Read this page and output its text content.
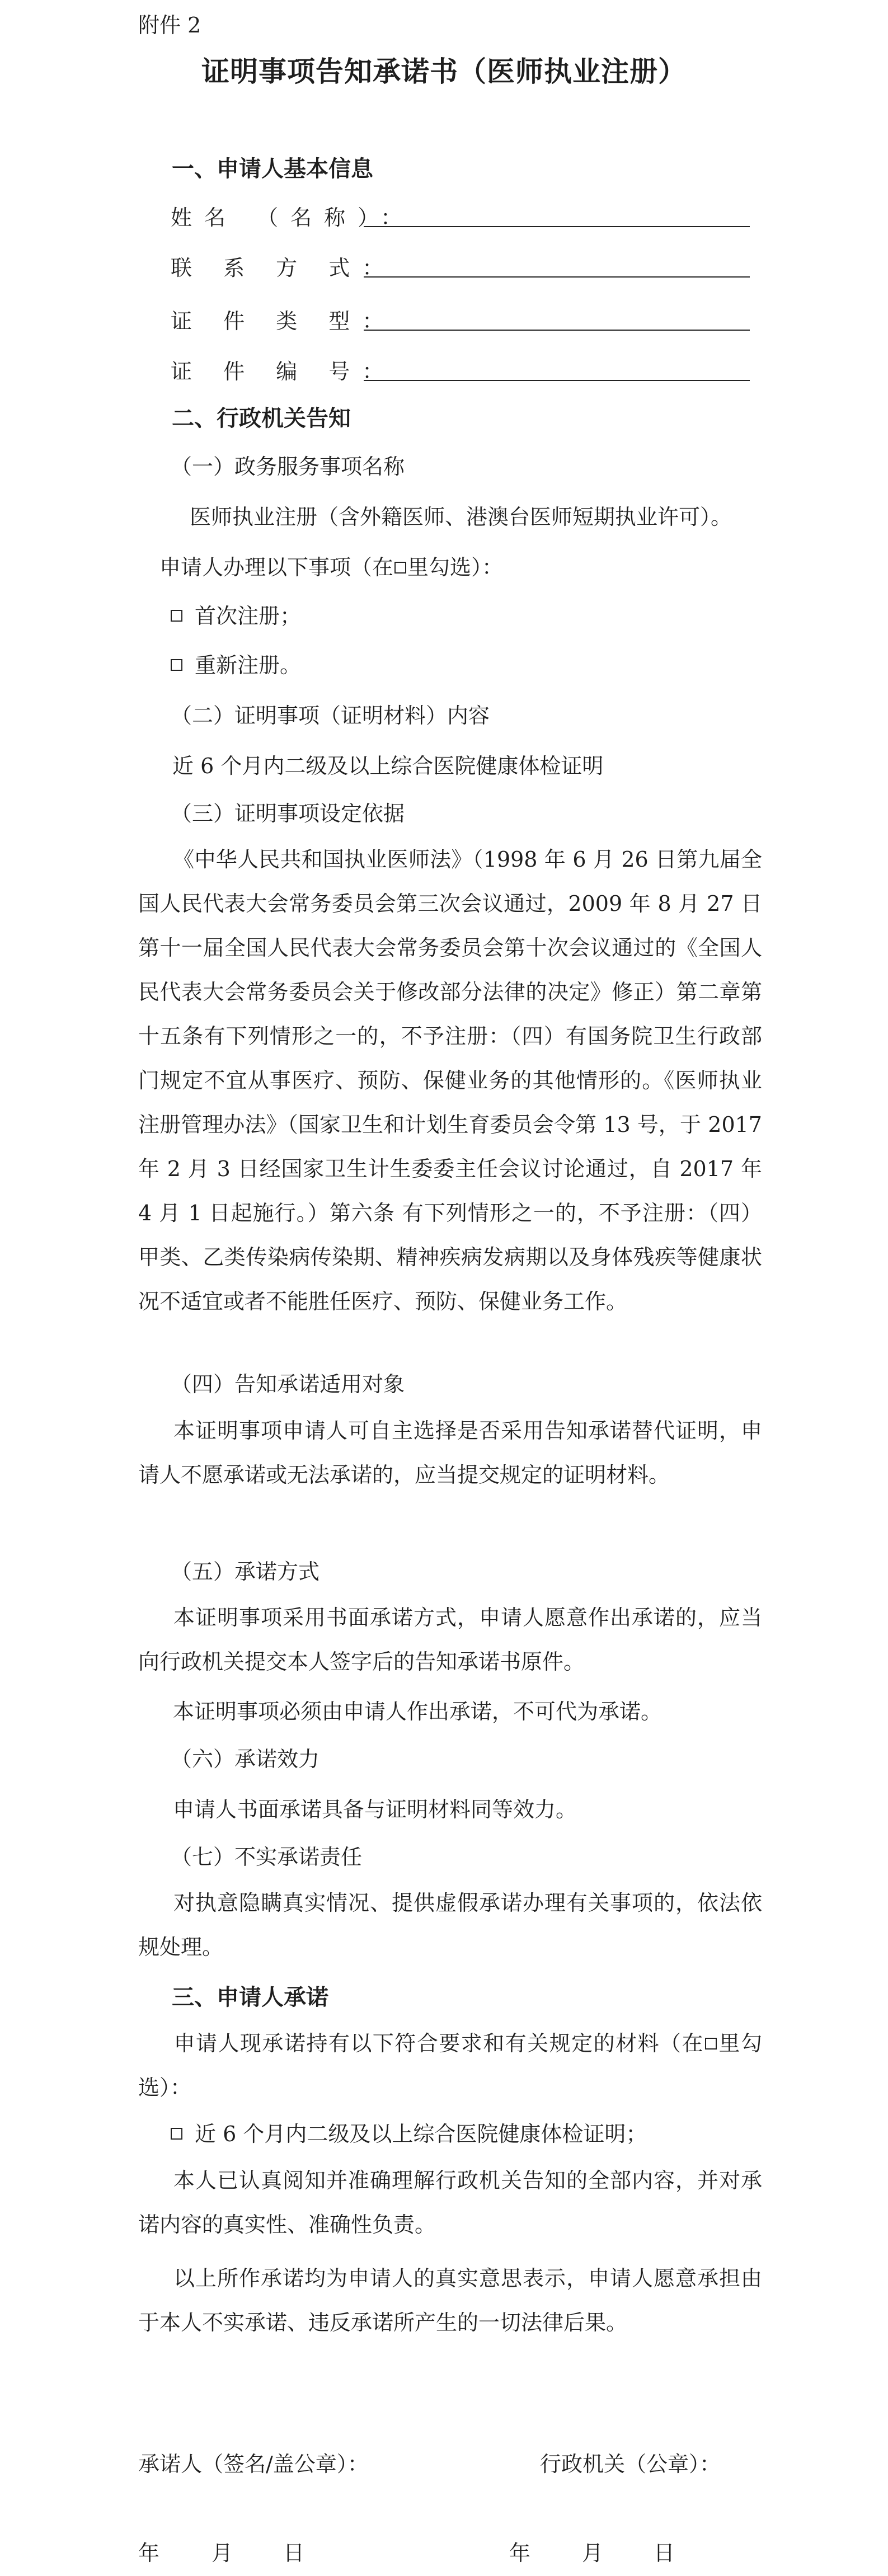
附件 2
证明事项告知承诺书（医师执业注册）
一、申请人基本信息
姓名 （名称）：
联 系 方 式：
证 件 类 型：
证 件 编 号：
二、行政机关告知
（一）政务服务事项名称
医师执业注册（含外籍医师、港澳台医师短期执业许可）。
申请人办理以下事项（在 里勾选）：
首次注册；
重新注册。
（二）证明事项（证明材料）内容
近 6 个月内二级及以上综合医院健康体检证明
（三）证明事项设定依据
《中华人民共和国执业医师法》（1998 年 6 月 26 日第九届全国人民代表大会常务委员会第三次会议通过，2009 年 8 月 27 日第十一届全国人民代表大会常务委员会第十次会议通过的《全国人民代表大会常务委员会关于修改部分法律的决定》修正）第二章第十五条有下列情形之一的，不予注册：（四）有国务院卫生行政部门规定不宜从事医疗、预防、保健业务的其他情形的。《医师执业注册管理办法》（国家卫生和计划生育委员会令第 13 号，于 2017 年 2 月 3 日经国家卫生计生委委主任会议讨论通过，自 2017 年 4 月 1 日起施行。）第六条 有下列情形之一的，不予注册：（四）甲类、乙类传染病传染期、精神疾病发病期以及身体残疾等健康状况不适宜或者不能胜任医疗、预防、保健业务工作。
（四）告知承诺适用对象
本证明事项申请人可自主选择是否采用告知承诺替代证明，申请人不愿承诺或无法承诺的，应当提交规定的证明材料。
（五）承诺方式
本证明事项采用书面承诺方式，申请人愿意作出承诺的，应当向行政机关提交本人签字后的告知承诺书原件。
本证明事项必须由申请人作出承诺，不可代为承诺。
（六）承诺效力
申请人书面承诺具备与证明材料同等效力。
（七）不实承诺责任
对执意隐瞒真实情况、提供虚假承诺办理有关事项的，依法依规处理。
三、申请人承诺
申请人现承诺持有以下符合要求和有关规定的材料（在 里勾选）：
近 6 个月内二级及以上综合医院健康体检证明；
本人已认真阅知并准确理解行政机关告知的全部内容，并对承诺内容的真实性、准确性负责。
以上所作承诺均为申请人的真实意思表示，申请人愿意承担由于本人不实承诺、违反承诺所产生的一切法律后果。
承诺人（签名/盖公章）：	行政机关（公章）：
年 月 日	年 月 日
